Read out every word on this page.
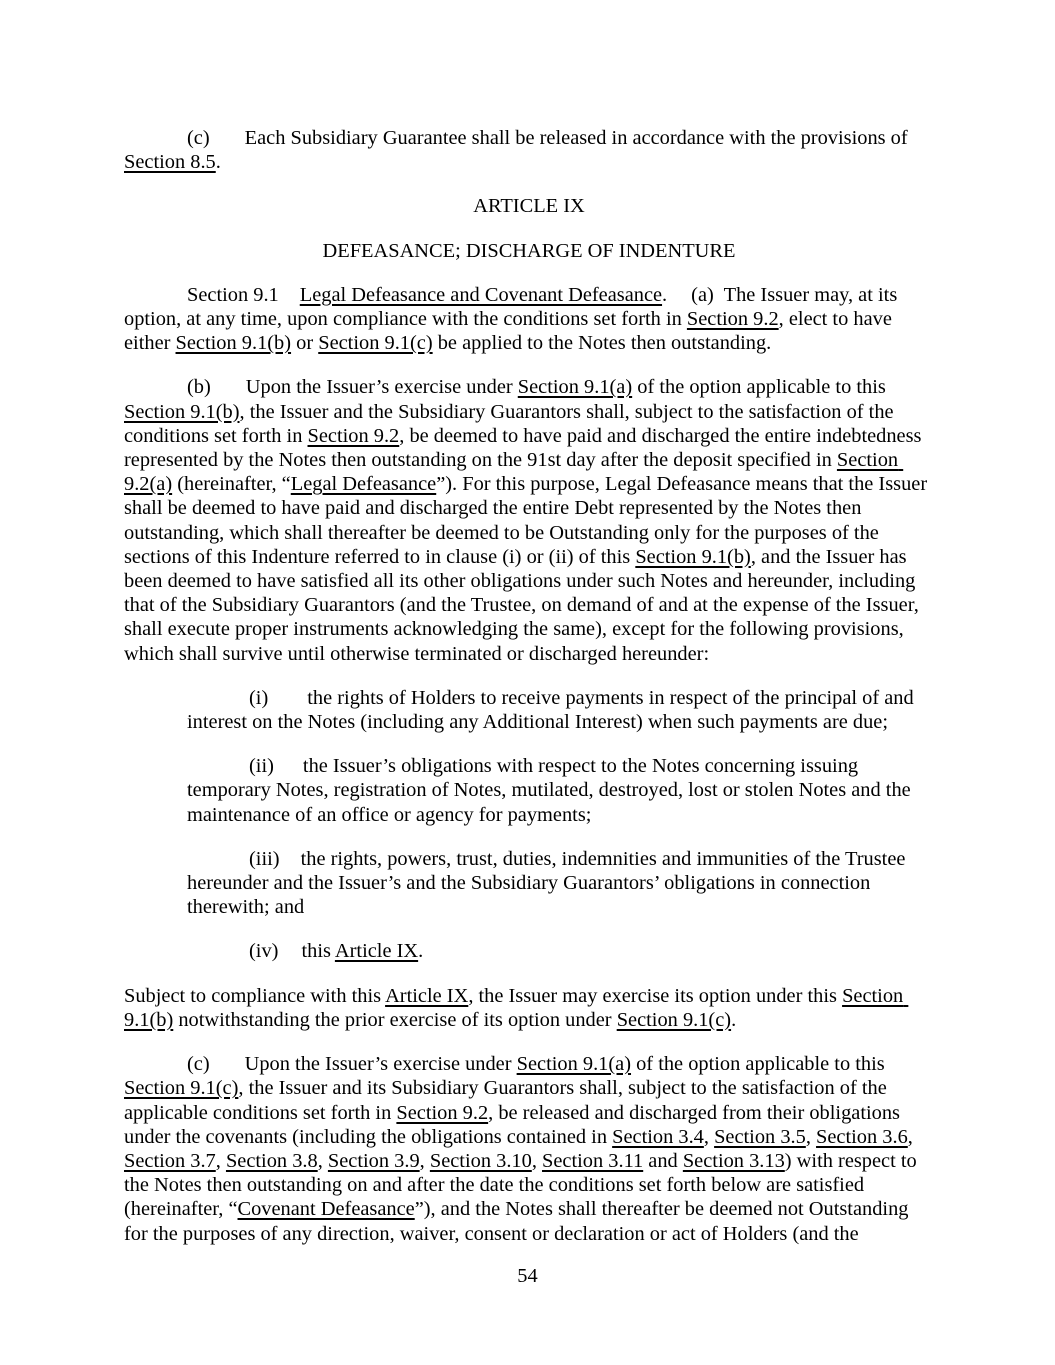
(c) Each Subsidiary Guarantee shall be released in accordance with the provisions of Section 8.5.

ARTICLE IX

DEFEASANCE; DISCHARGE OF INDENTURE

Section 9.1 Legal Defeasance and Covenant Defeasance. (a)  The Issuer may, at its option, at any time, upon compliance with the conditions set forth in Section 9.2, elect to have either Section 9.1(b) or Section 9.1(c) be applied to the Notes then outstanding.

(b) Upon the Issuer’s exercise under Section 9.1(a) of the option applicable to this Section 9.1(b), the Issuer and the Subsidiary Guarantors shall, subject to the satisfaction of the conditions set forth in Section 9.2, be deemed to have paid and discharged the entire indebtedness represented by the Notes then outstanding on the 91st day after the deposit specified in Section 9.2(a) (hereinafter, “Legal Defeasance”). For this purpose, Legal Defeasance means that the Issuer shall be deemed to have paid and discharged the entire Debt represented by the Notes then outstanding, which shall thereafter be deemed to be Outstanding only for the purposes of the sections of this Indenture referred to in clause (i) or (ii) of this Section 9.1(b), and the Issuer has been deemed to have satisfied all its other obligations under such Notes and hereunder, including that of the Subsidiary Guarantors (and the Trustee, on demand of and at the expense of the Issuer, shall execute proper instruments acknowledging the same), except for the following provisions, which shall survive until otherwise terminated or discharged hereunder:

(i) the rights of Holders to receive payments in respect of the principal of and interest on the Notes (including any Additional Interest) when such payments are due;

(ii) the Issuer’s obligations with respect to the Notes concerning issuing temporary Notes, registration of Notes, mutilated, destroyed, lost or stolen Notes and the maintenance of an office or agency for payments;

(iii) the rights, powers, trust, duties, indemnities and immunities of the Trustee hereunder and the Issuer’s and the Subsidiary Guarantors’ obligations in connection therewith; and

(iv) this Article IX.

Subject to compliance with this Article IX, the Issuer may exercise its option under this Section 9.1(b) notwithstanding the prior exercise of its option under Section 9.1(c).

(c) Upon the Issuer’s exercise under Section 9.1(a) of the option applicable to this Section 9.1(c), the Issuer and its Subsidiary Guarantors shall, subject to the satisfaction of the applicable conditions set forth in Section 9.2, be released and discharged from their obligations under the covenants (including the obligations contained in Section 3.4, Section 3.5, Section 3.6, Section 3.7, Section 3.8, Section 3.9, Section 3.10, Section 3.11 and Section 3.13) with respect to the Notes then outstanding on and after the date the conditions set forth below are satisfied (hereinafter, “Covenant Defeasance”), and the Notes shall thereafter be deemed not Outstanding for the purposes of any direction, waiver, consent or declaration or act of Holders (and the

54
